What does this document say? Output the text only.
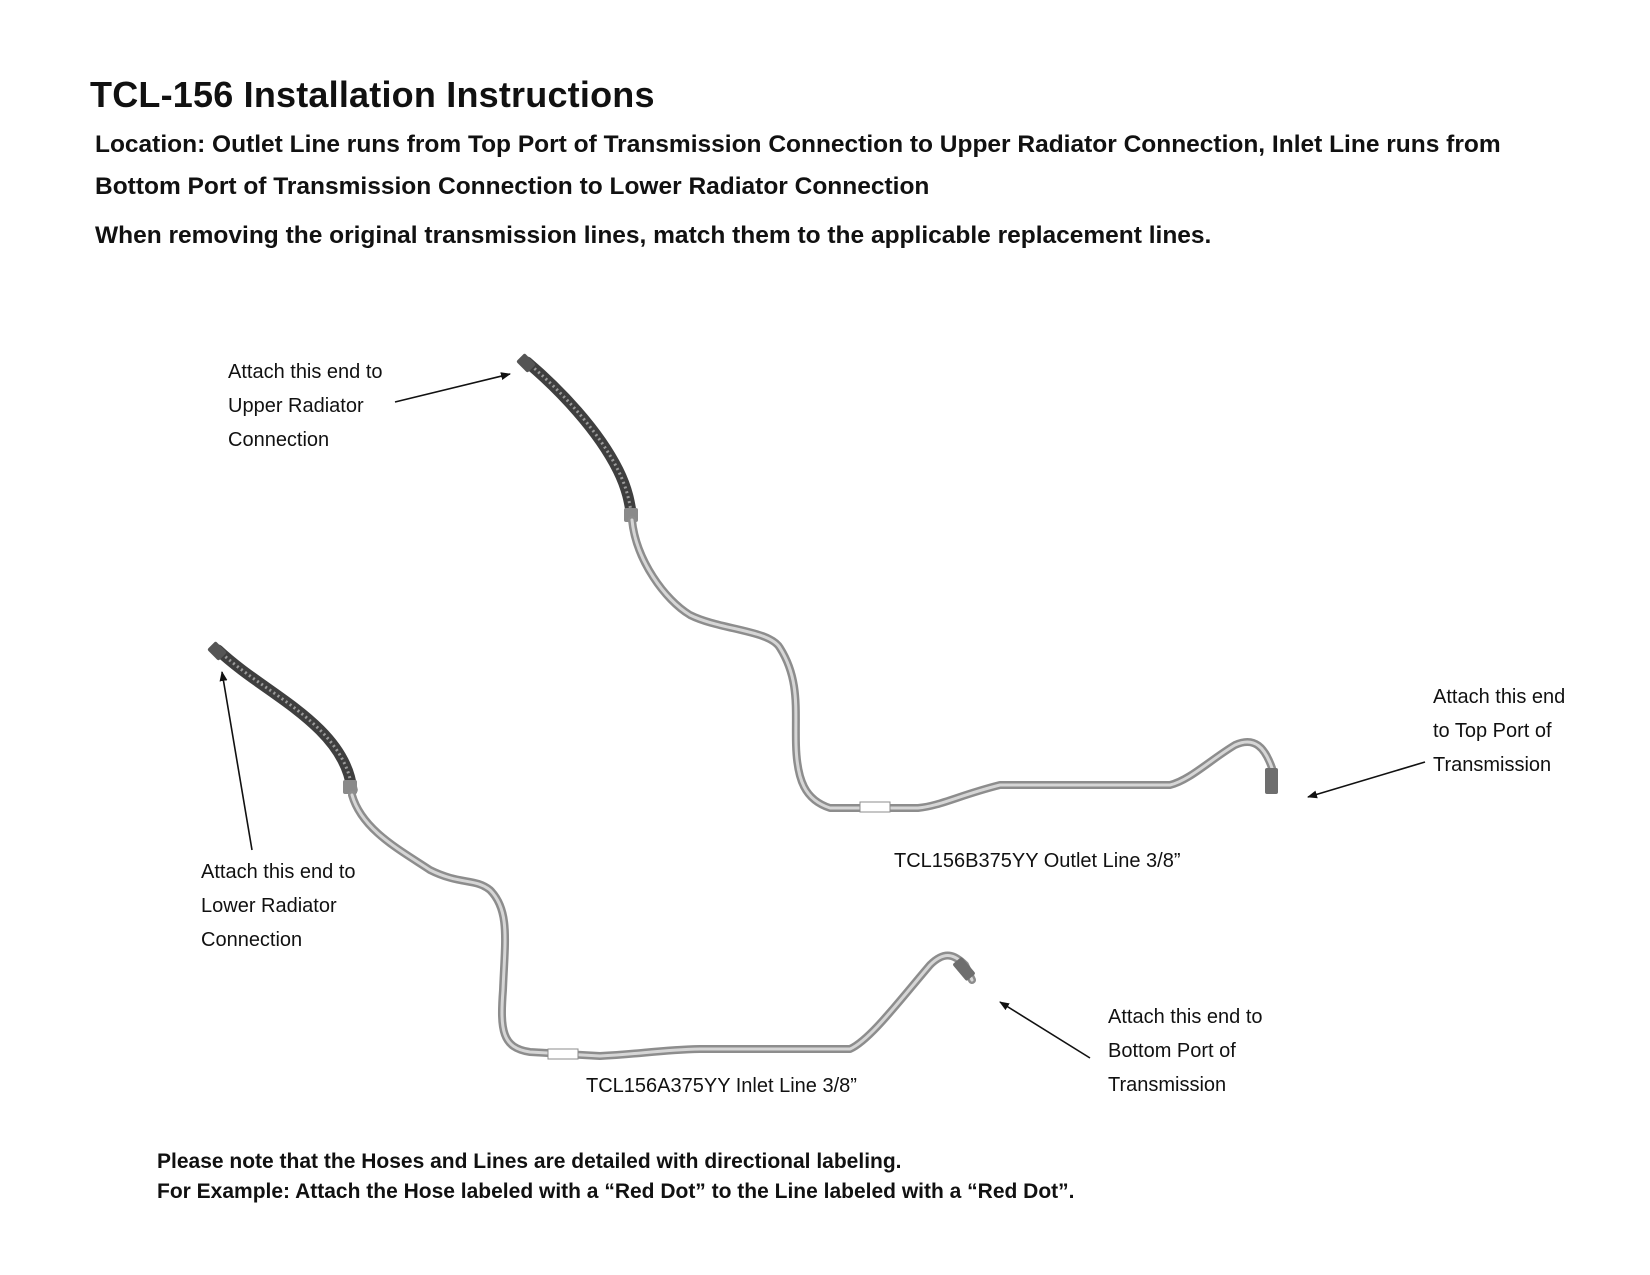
TCL-156 Installation Instructions
Location: Outlet Line runs from Top Port of Transmission Connection to Upper Radiator Connection, Inlet Line runs from
Bottom Port of Transmission Connection to Lower Radiator Connection
When removing the original transmission lines, match them to the applicable replacement lines.
Attach this end to
Upper Radiator
Connection
Attach this end
to Top Port of
Transmission
Attach this end to
Lower Radiator
Connection
Attach this end to
Bottom Port of
Transmission
TCL156B375YY Outlet Line 3/8”
TCL156A375YY Inlet Line 3/8”
Please note that the Hoses and Lines are detailed with directional labeling.
For Example: Attach the Hose labeled with a “Red Dot” to the Line labeled with a “Red Dot”.
